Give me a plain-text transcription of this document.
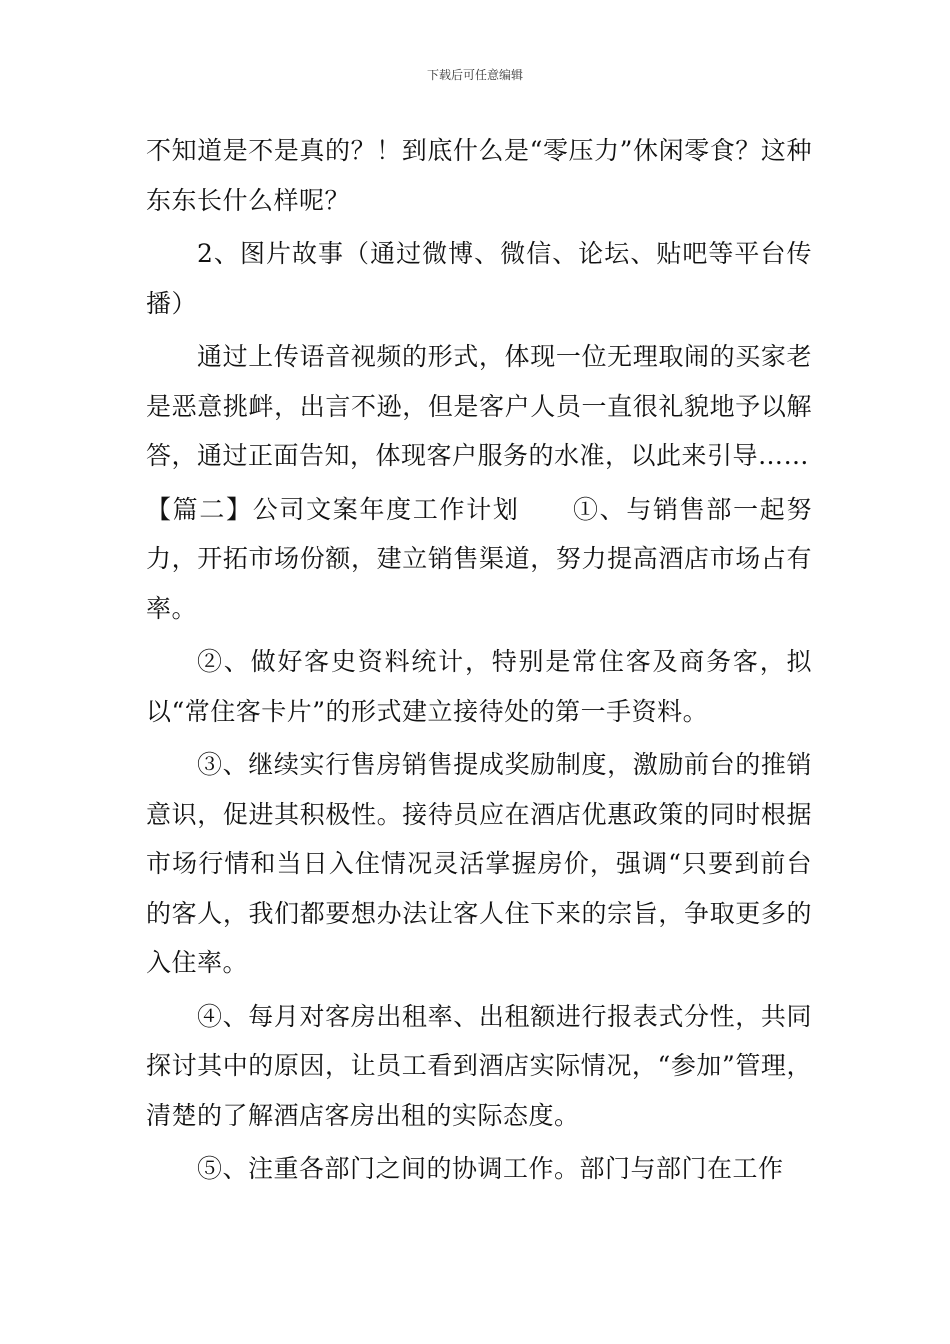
下载后可任意编辑

不知道是不是真的？！到底什么是“零压力”休闲零食？这种东东长什么样呢？

2、图片故事（通过微博、微信、论坛、贴吧等平台传播）

通过上传语音视频的形式，体现一位无理取闹的买家老是恶意挑衅，出言不逊，但是客户人员一直很礼貌地予以解答，通过正面告知，体现客户服务的水准，以此来引导……

【篇二】公司文案年度工作计划　　①、与销售部一起努力，开拓市场份额，建立销售渠道，努力提高酒店市场占有率。

②、做好客史资料统计，特别是常住客及商务客，拟以“常住客卡片”的形式建立接待处的第一手资料。

③、继续实行售房销售提成奖励制度，激励前台的推销意识，促进其积极性。接待员应在酒店优惠政策的同时根据市场行情和当日入住情况灵活掌握房价，强调“只要到前台的客人，我们都要想办法让客人住下来的宗旨，争取更多的入住率。

④、每月对客房出租率、出租额进行报表式分性，共同探讨其中的原因，让员工看到酒店实际情况，“参加”管理，清楚的了解酒店客房出租的实际态度。

⑤、注重各部门之间的协调工作。部门与部门在工作
